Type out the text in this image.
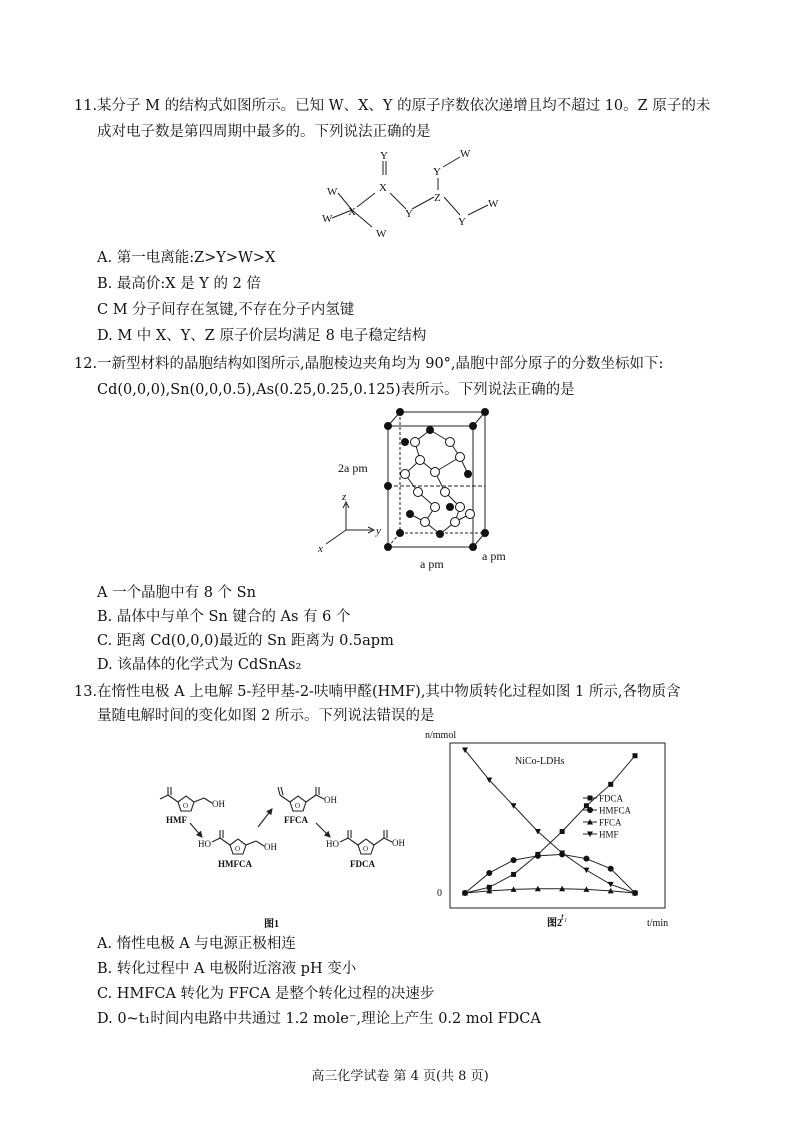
11. 某分子 M 的结构式如图所示。已知 W、X、Y 的原子序数依次递增且均不超过 10。Z 原子的未
成对电子数是第四周期中最多的。下列说法正确的是
Y
Y
W
X
W	Z
X	Y
W
W	Y
W
A. 第一电离能:Z>Y>W>X
B. 最高价:X 是 Y 的 2 倍
C M 分子间存在氢键,不存在分子内氢键
D. M 中 X、Y、Z 原子价层均满足 8 电子稳定结构
12. 一新型材料的晶胞结构如图所示,晶胞棱边夹角均为 90°,晶胞中部分原子的分数坐标如下:
Cd(0,0,0),Sn(0,0,0.5),As(0.25,0.25,0.125)表所示。下列说法正确的是
z
y
x
2a pm
a pm
a pm
A 一个晶胞中有 8 个 Sn
B. 晶体中与单个 Sn 键合的 As 有 6 个
C. 距离 Cd(0,0,0)最近的 Sn 距离为 0.5apm
D. 该晶体的化学式为 CdSnAs₂
13. 在惰性电极 A 上电解 5-羟甲基-2-呋喃甲醛(HMF),其中物质转化过程如图 1 所示,各物质含
量随电解时间的变化如图 2 所示。下列说法错误的是
O	OH
HMF
HO	O	OH
HMFCA
O
OH
FFCA
HO	O
OH
FDCA
图1
n/mmol
NiCo-LDHs
0
t₁
t/min
图2
FDCA
HMFCA
FFCA
HMF
A. 惰性电极 A 与电源正极相连
B. 转化过程中 A 电极附近溶液 pH 变小
C. HMFCA 转化为 FFCA 是整个转化过程的决速步
D. 0~t₁时间内电路中共通过 1.2 mole⁻,理论上产生 0.2 mol FDCA
高三化学试卷 第 4 页(共 8 页)
